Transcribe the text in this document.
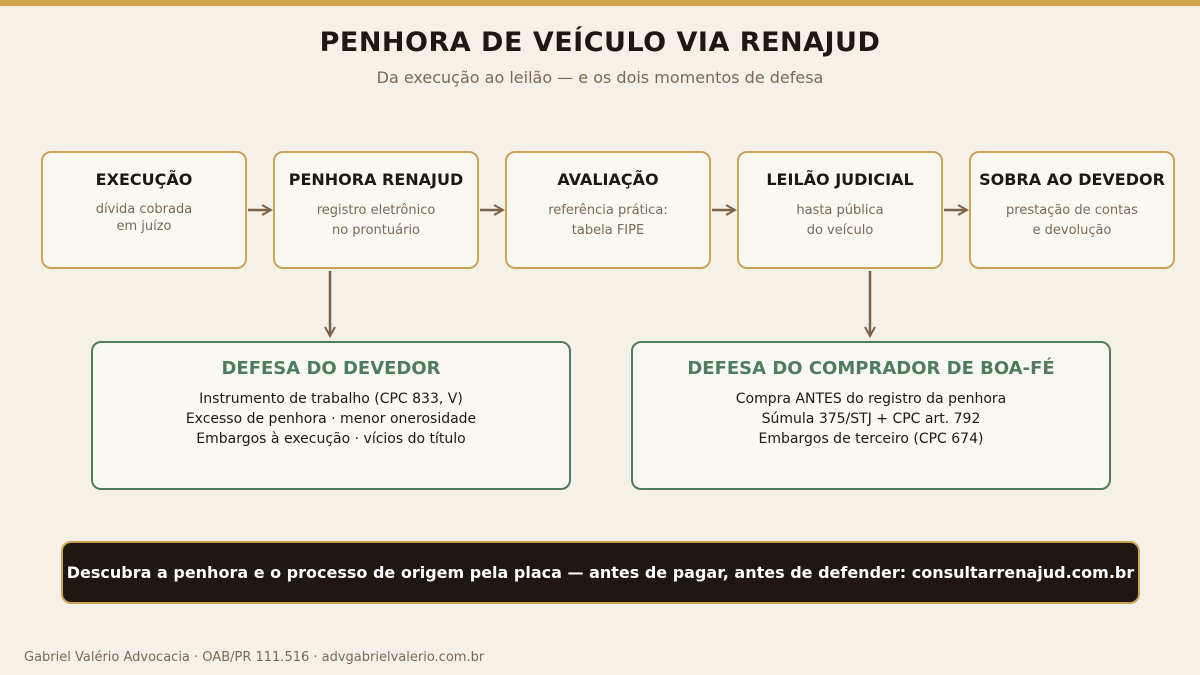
PENHORA DE VEÍCULO VIA RENAJUD
Da execução ao leilão — e os dois momentos de defesa
EXECUÇÃO
dívida cobrada
em juízo
PENHORA RENAJUD
registro eletrônico
no prontuário
AVALIAÇÃO
referência prática:
tabela FIPE
LEILÃO JUDICIAL
hasta pública
do veículo
SOBRA AO DEVEDOR
prestação de contas
e devolução
DEFESA DO DEVEDOR
Instrumento de trabalho (CPC 833, V)
Excesso de penhora · menor onerosidade
Embargos à execução · vícios do título
DEFESA DO COMPRADOR DE BOA-FÉ
Compra ANTES do registro da penhora
Súmula 375/STJ + CPC art. 792
Embargos de terceiro (CPC 674)
Descubra a penhora e o processo de origem pela placa — antes de pagar, antes de defender: consultarrenajud.com.br
Gabriel Valério Advocacia · OAB/PR 111.516 · advgabrielvalerio.com.br
